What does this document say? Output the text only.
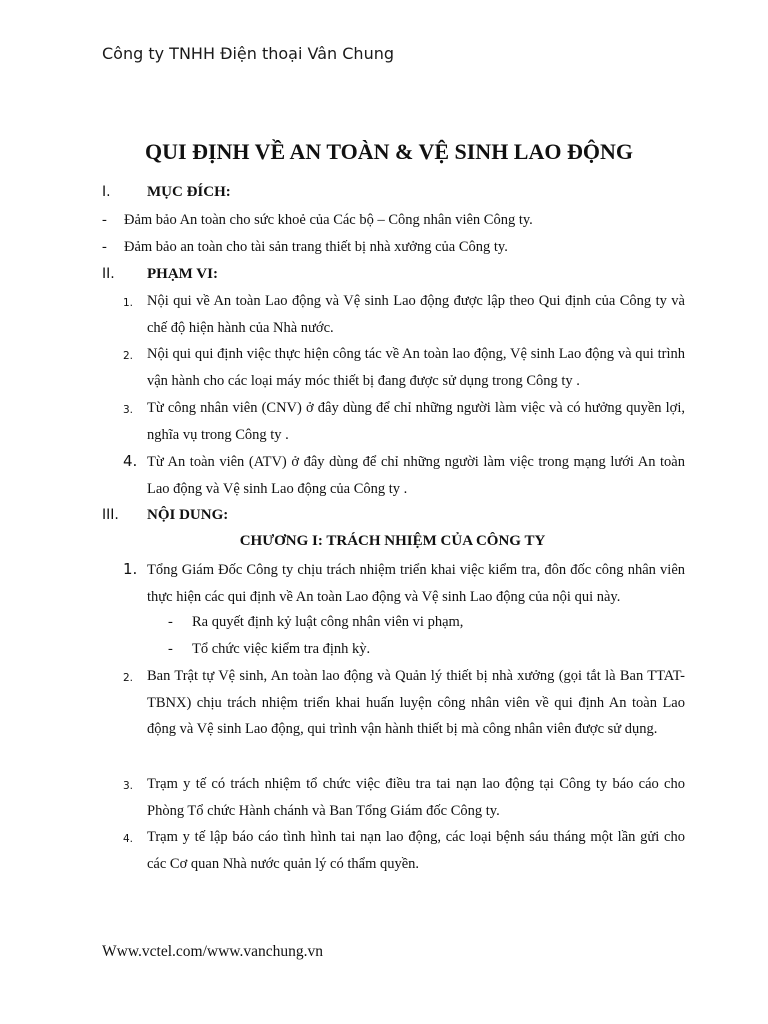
Công ty TNHH Điện thoại Vân Chung
QUI ĐỊNH VỀ AN TOÀN & VỆ SINH LAO ĐỘNG
I. MỤC ĐÍCH:
- Đảm bảo An toàn cho sức khoẻ của Các bộ – Công nhân viên Công ty.
- Đảm bảo an toàn cho tài sản trang thiết bị nhà xưởng của Công ty.
II. PHẠM VI:
1. Nội qui về An toàn Lao động và Vệ sinh Lao động được lập theo Qui định của Công ty và chế độ hiện hành của Nhà nước.
2. Nội qui qui định việc thực hiện công tác về An toàn lao động, Vệ sinh Lao động và qui trình vận hành cho các loại máy móc thiết bị đang được sử dụng trong Công ty .
3. Từ công nhân viên (CNV) ở đây dùng để chỉ những người làm việc và có hưởng quyền lợi, nghĩa vụ trong Công ty .
4. Từ An toàn viên (ATV) ở đây dùng để chỉ những người làm việc trong mạng lưới An toàn Lao động và Vệ sinh Lao động của Công ty .
III. NỘI DUNG:
CHƯƠNG I: TRÁCH NHIỆM CỦA CÔNG TY
1. Tổng Giám Đốc Công ty chịu trách nhiệm triển khai việc kiểm tra, đôn đốc công nhân viên thực hiện các qui định về An toàn Lao động và Vệ sinh Lao động của nội qui này.
- Ra quyết định kỷ luật công nhân viên vi phạm,
- Tổ chức việc kiểm tra định kỳ.
2. Ban Trật tự Vệ sinh, An toàn lao động và Quản lý thiết bị nhà xưởng (gọi tắt là Ban TTAT-TBNX) chịu trách nhiệm triển khai huấn luyện công nhân viên về qui định An toàn Lao động và Vệ sinh Lao động, qui trình vận hành thiết bị mà công nhân viên được sử dụng.
3. Trạm y tế có trách nhiệm tổ chức việc điều tra tai nạn lao động tại Công ty báo cáo cho Phòng Tổ chức Hành chánh và Ban Tổng Giám đốc Công ty.
4. Trạm y tế lập báo cáo tình hình tai nạn lao động, các loại bệnh sáu tháng một lần gửi cho các Cơ quan Nhà nước quản lý có thẩm quyền.
Www.vctel.com/www.vanchung.vn
